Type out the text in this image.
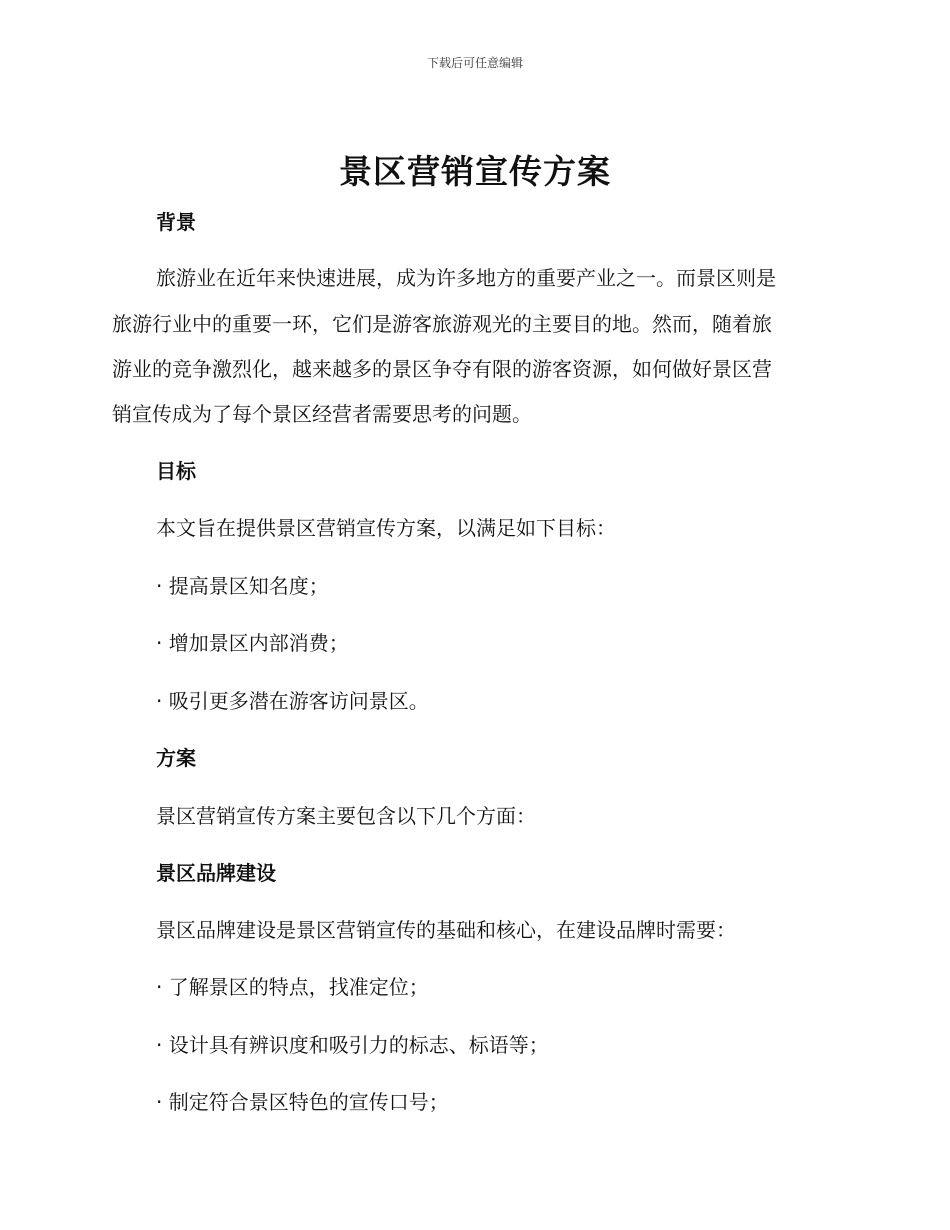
下载后可任意编辑
景区营销宣传方案
背景
旅游业在近年来快速进展，成为许多地方的重要产业之一。而景区则是
旅游行业中的重要一环，它们是游客旅游观光的主要目的地。然而，随着旅
游业的竞争激烈化，越来越多的景区争夺有限的游客资源，如何做好景区营
销宣传成为了每个景区经营者需要思考的问题。
目标
本文旨在提供景区营销宣传方案，以满足如下目标：
· 提高景区知名度；
· 增加景区内部消费；
· 吸引更多潜在游客访问景区。
方案
景区营销宣传方案主要包含以下几个方面：
景区品牌建设
景区品牌建设是景区营销宣传的基础和核心，在建设品牌时需要：
· 了解景区的特点，找准定位；
· 设计具有辨识度和吸引力的标志、标语等；
· 制定符合景区特色的宣传口号；
